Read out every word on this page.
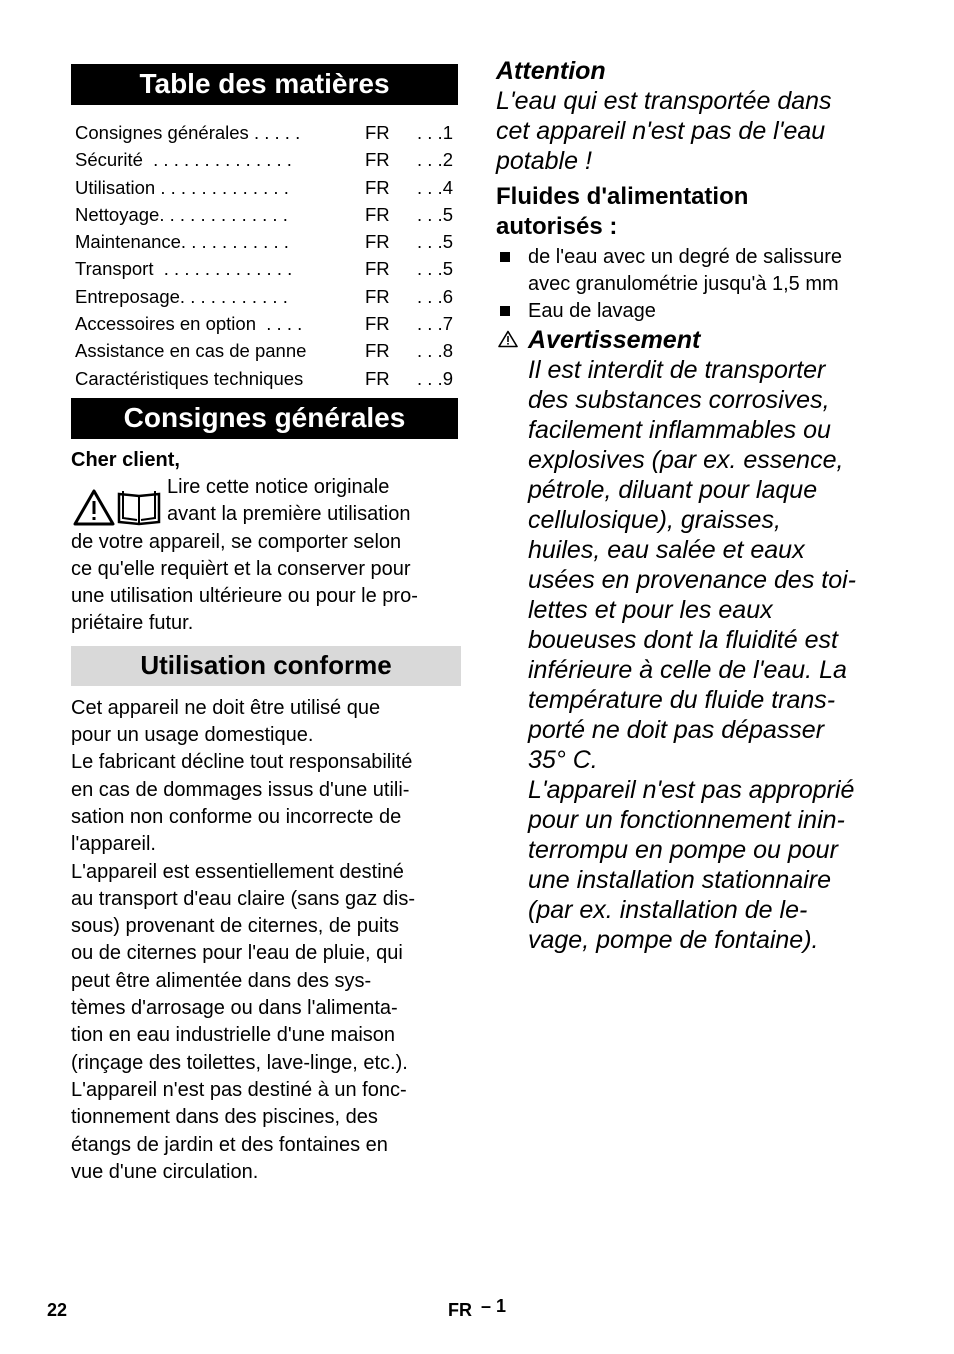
Table des matières
Consignes générales . . . . .	FR . . .1
Sécurité  . . . . . . . . . . . . . .	FR . . .2
Utilisation . . . . . . . . . . . . .	FR . . .4
Nettoyage. . . . . . . . . . . . .	FR . . .5
Maintenance. . . . . . . . . . .	FR . . .5
Transport  . . . . . . . . . . . . .	FR . . .5
Entreposage. . . . . . . . . . .	FR . . .6
Accessoires en option  . . . .	FR . . .7
Assistance en cas de panne	FR . . .8
Caractéristiques techniques	FR . . .9
Consignes générales

Cher client,

Lire cette notice originale

avant la première utilisation

de votre appareil, se comporter selon

ce qu'elle requièrt et la conserver pour

une utilisation ultérieure ou pour le pro-

priétaire futur.

Utilisation conforme

Cet appareil ne doit être utilisé que

pour un usage domestique.

Le fabricant décline tout responsabilité

en cas de dommages issus d'une utili-

sation non conforme ou incorrecte de

l'appareil.

L'appareil est essentiellement destiné

au transport d'eau claire (sans gaz dis-

sous) provenant de citernes, de puits

ou de citernes pour l'eau de pluie, qui

peut être alimentée dans des sys-

tèmes d'arrosage ou dans l'alimenta-

tion en eau industrielle d'une maison

(rinçage des toilettes, lave-linge, etc.).

L'appareil n'est pas destiné à un fonc-

tionnement dans des piscines, des

étangs de jardin et des fontaines en

vue d'une circulation.

Attention

L'eau qui est transportée dans

cet appareil n'est pas de l'eau

potable !

Fluides d'alimentation

autorisés :

de l'eau avec un degré de salissure
avec granulométrie jusqu'à 1,5 mm
Eau de lavage

Avertissement

Il est interdit de transporter

des substances corrosives,

facilement inflammables ou

explosives (par ex. essence,

pétrole, diluant pour laque

cellulosique), graisses,

huiles, eau salée et eaux

usées en provenance des toi-

lettes et pour les eaux

boueuses dont la fluidité est

inférieure à celle de l'eau. La

température du fluide trans-

porté ne doit pas dépasser

35° C.

L'appareil n'est pas approprié

pour un fonctionnement inin-

terrompu en pompe ou pour

une installation stationnaire

(par ex. installation de le-

vage, pompe de fontaine).

22	FR – 1
